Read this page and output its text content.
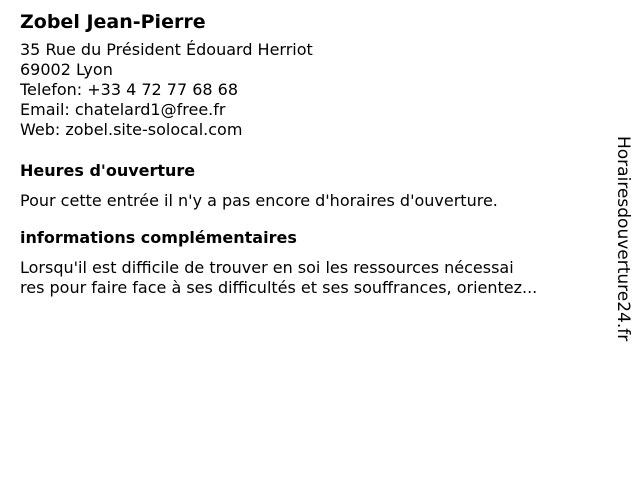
Zobel Jean-Pierre
35 Rue du Président Édouard Herriot
69002 Lyon
Telefon: +33 4 72 77 68 68
Email: chatelard1@free.fr
Web: zobel.site-solocal.com
Heures d'ouverture
Pour cette entrée il n'y a pas encore d'horaires d'ouverture.
informations complémentaires
Lorsqu'il est difficile de trouver en soi les ressources nécessai
res pour faire face à ses difficultés et ses souffrances, orientez...	Horairesdouverture24.fr
